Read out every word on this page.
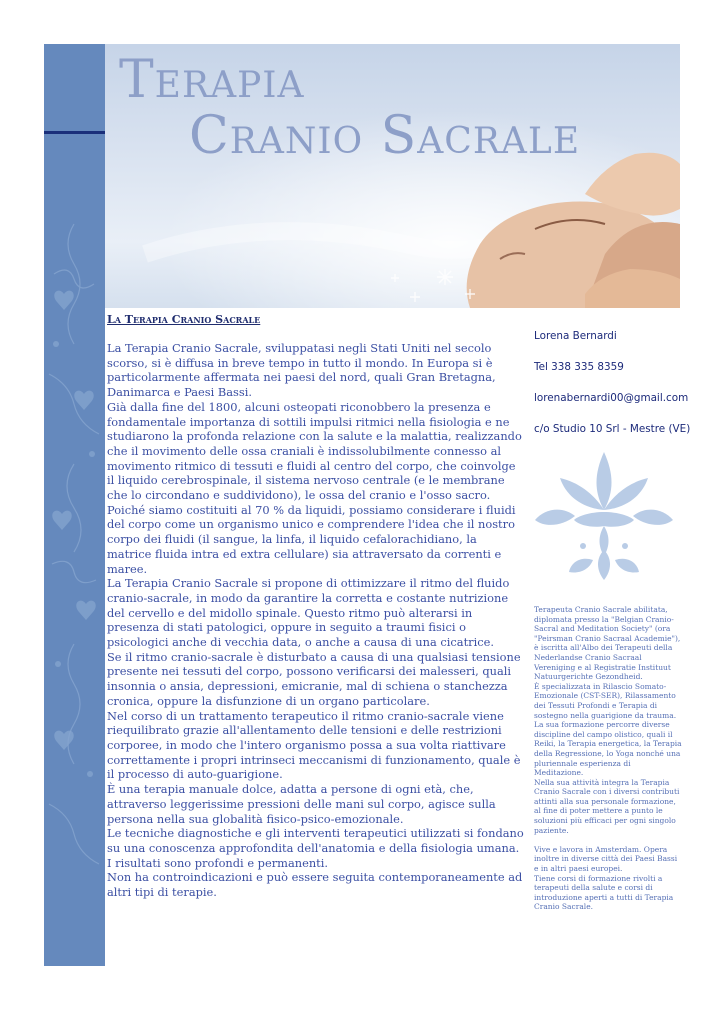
Terapia
Cranio Sacrale
La Terapia Cranio Sacrale

La Terapia Cranio Sacrale, sviluppatasi negli Stati Uniti nel secolo scorso, si è diffusa in breve tempo in tutto il mondo. In Europa si è particolarmente affermata nei paesi del nord, quali Gran Bretagna, Danimarca e Paesi Bassi.

Già dalla fine del 1800, alcuni osteopati riconobbero la presenza e fondamentale importanza di sottili impulsi ritmici nella fisiologia e ne studiarono la profonda relazione con la salute e la malattia, realizzando che il movimento delle ossa craniali è indissolubilmente connesso al movimento ritmico di tessuti e fluidi al centro del corpo, che coinvolge il liquido cerebrospinale, il sistema nervoso centrale (e le membrane che lo circondano e suddividono), le ossa del cranio e l'osso sacro.

Poiché siamo costituiti al 70 % da liquidi, possiamo considerare i fluidi del corpo come un organismo unico e comprendere l'idea che il nostro corpo dei fluidi (il sangue, la linfa, il liquido cefalorachidiano, la matrice fluida intra ed extra cellulare) sia attraversato da correnti e maree.

La Terapia Cranio Sacrale si propone di ottimizzare il ritmo del fluido cranio-sacrale, in modo da garantire la corretta e costante nutrizione del cervello e del midollo spinale. Questo ritmo può alterarsi in presenza di stati patologici, oppure in seguito a traumi fisici o psicologici anche di vecchia data, o anche a causa di una cicatrice.

Se il ritmo cranio-sacrale è disturbato a causa di una qualsiasi tensione presente nei tessuti del corpo, possono verificarsi dei malesseri, quali insonnia o ansia, depressioni, emicranie, mal di schiena o stanchezza cronica, oppure la disfunzione di un organo particolare.

Nel corso di un trattamento terapeutico il ritmo cranio-sacrale viene riequilibrato grazie all'allentamento delle tensioni e delle restrizioni corporee, in modo che l'intero organismo possa a sua volta riattivare correttamente i propri intrinseci meccanismi di funzionamento, quale è il processo di auto-guarigione.

È una terapia manuale dolce, adatta a persone di ogni età, che, attraverso leggerissime pressioni delle mani sul corpo, agisce sulla persona nella sua globalità fisico-psico-emozionale.

Le tecniche diagnostiche e gli interventi terapeutici utilizzati si fondano su una conoscenza approfondita dell'anatomia e della fisiologia umana.

I risultati sono profondi e permanenti.

Non ha controindicazioni e può essere seguita contemporaneamente ad altri tipi di terapie.

Lorena Bernardi
Tel 338 335 8359
lorenabernardi00@gmail.com
c/o Studio 10 Srl - Mestre (VE)

Terapeuta Cranio Sacrale abilitata, diplomata presso la "Belgian Cranio-Sacral and Meditation Society" (ora "Peirsman Cranio Sacraal Academie"), è iscritta all'Albo dei Terapeuti della Nederlandse Cranio Sacraal Vereniging e al Registratie Instituut Natuurgerichte Gezondheid.

È specializzata in Rilascio Somato-Emozionale (CST-SER), Rilassamento dei Tessuti Profondi e Terapia di sostegno nella guarigione da trauma.

La sua formazione percorre diverse discipline del campo olistico, quali il Reiki, la Terapia energetica, la Terapia della Regressione, lo Yoga nonché una pluriennale esperienza di Meditazione.

Nella sua attività integra la Terapia Cranio Sacrale con i diversi contributi attinti alla sua personale formazione, al fine di poter mettere a punto le soluzioni più efficaci per ogni singolo paziente.

Vive e lavora in Amsterdam. Opera inoltre in diverse città dei Paesi Bassi e in altri paesi europei.

Tiene corsi di formazione rivolti a terapeuti della salute e corsi di introduzione aperti a tutti di Terapia Cranio Sacrale.
